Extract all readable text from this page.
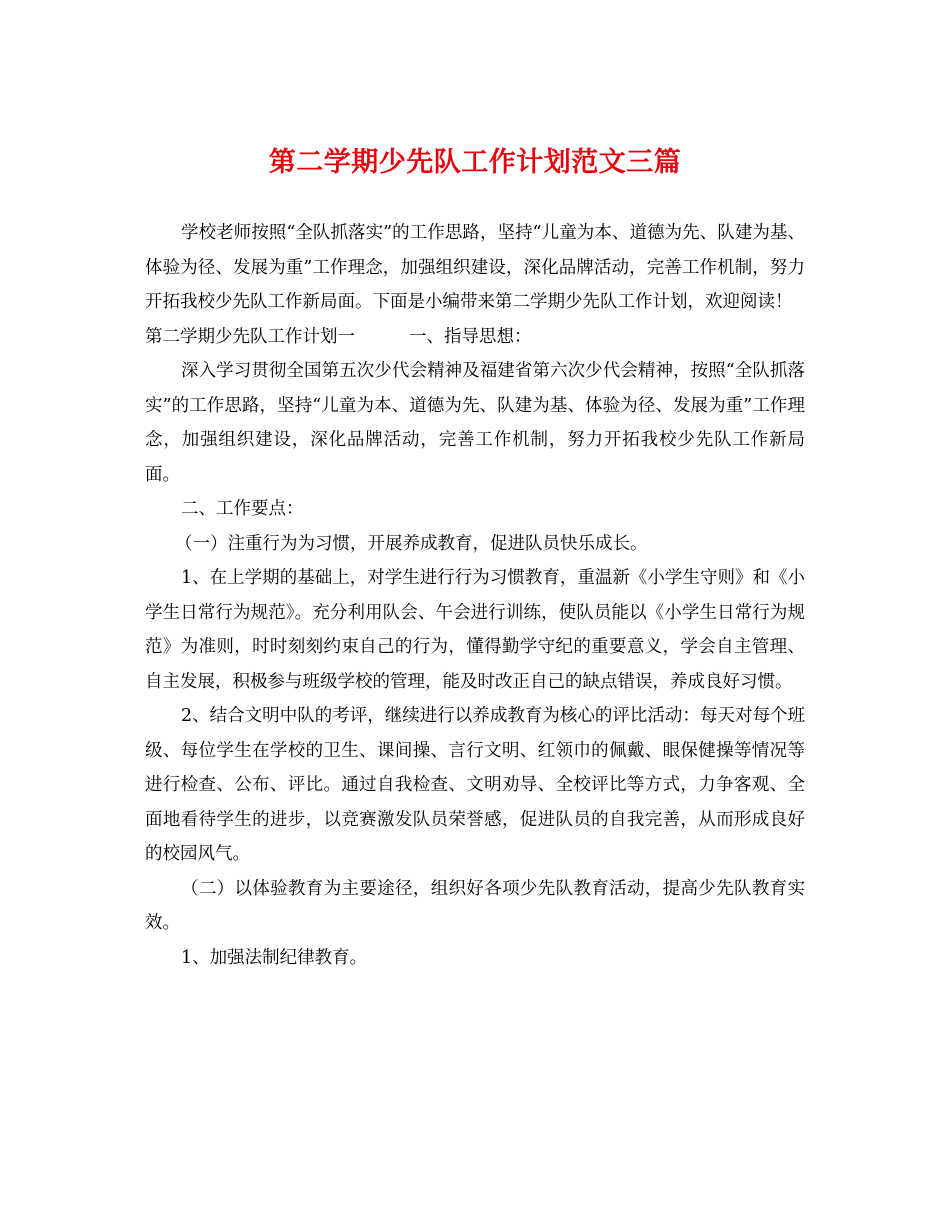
第二学期少先队工作计划范文三篇

学校老师按照“全队抓落实”的工作思路，坚持“儿童为本、道德为先、队建为基、体验为径、发展为重”工作理念，加强组织建设，深化品牌活动，完善工作机制，努力开拓我校少先队工作新局面。下面是小编带来第二学期少先队工作计划，欢迎阅读！

第二学期少先队工作计划一	一、指导思想：

深入学习贯彻全国第五次少代会精神及福建省第六次少代会精神，按照“全队抓落实”的工作思路，坚持“儿童为本、道德为先、队建为基、体验为径、发展为重”工作理念，加强组织建设，深化品牌活动，完善工作机制，努力开拓我校少先队工作新局面。

二、工作要点：

（一）注重行为为习惯，开展养成教育，促进队员快乐成长。

1、在上学期的基础上，对学生进行行为习惯教育，重温新《小学生守则》和《小学生日常行为规范》。充分利用队会、午会进行训练，使队员能以《小学生日常行为规范》为准则，时时刻刻约束自己的行为，懂得勤学守纪的重要意义，学会自主管理、自主发展，积极参与班级学校的管理，能及时改正自己的缺点错误，养成良好习惯。

2、结合文明中队的考评，继续进行以养成教育为核心的评比活动：每天对每个班级、每位学生在学校的卫生、课间操、言行文明、红领巾的佩戴、眼保健操等情况等进行检查、公布、评比。通过自我检查、文明劝导、全校评比等方式，力争客观、全面地看待学生的进步，以竞赛激发队员荣誉感，促进队员的自我完善，从而形成良好的校园风气。

（二）以体验教育为主要途径，组织好各项少先队教育活动，提高少先队教育实效。

1、加强法制纪律教育。
